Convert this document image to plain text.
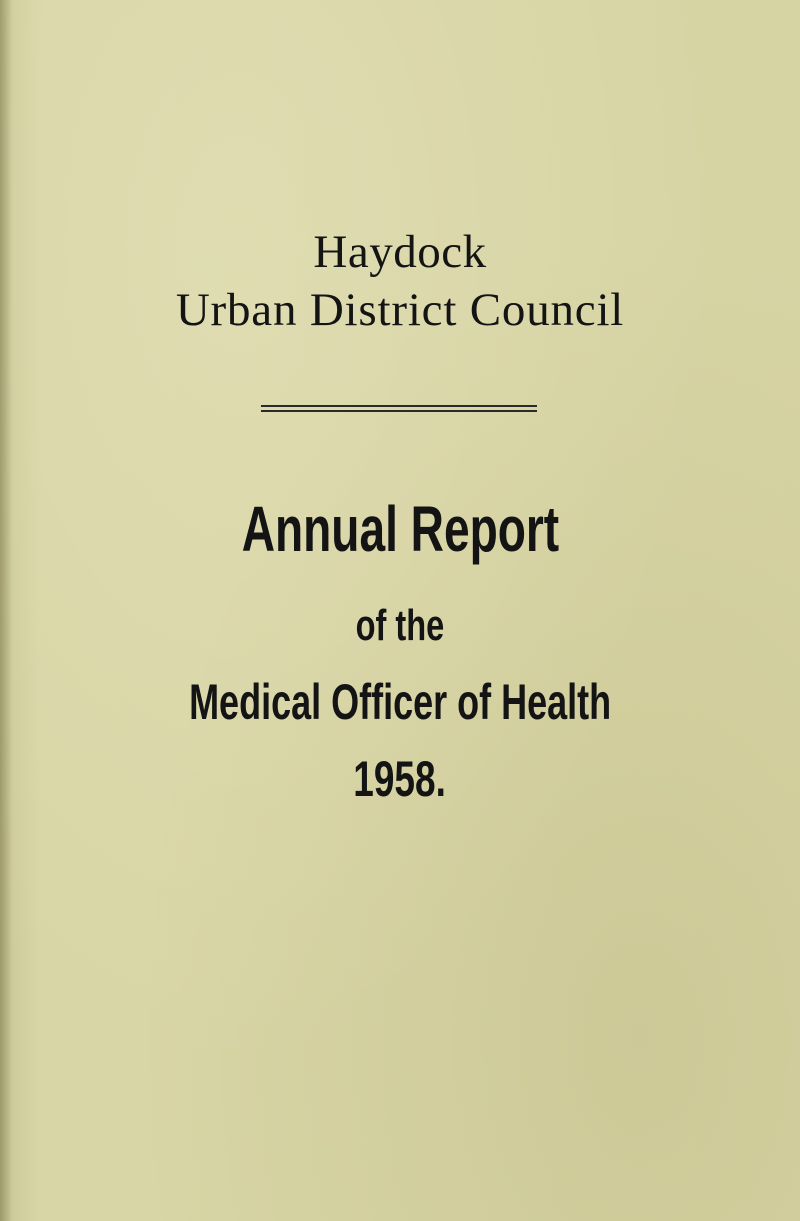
Haydock
Urban District Council
Annual Report
of the
Medical Officer of Health
1958.
